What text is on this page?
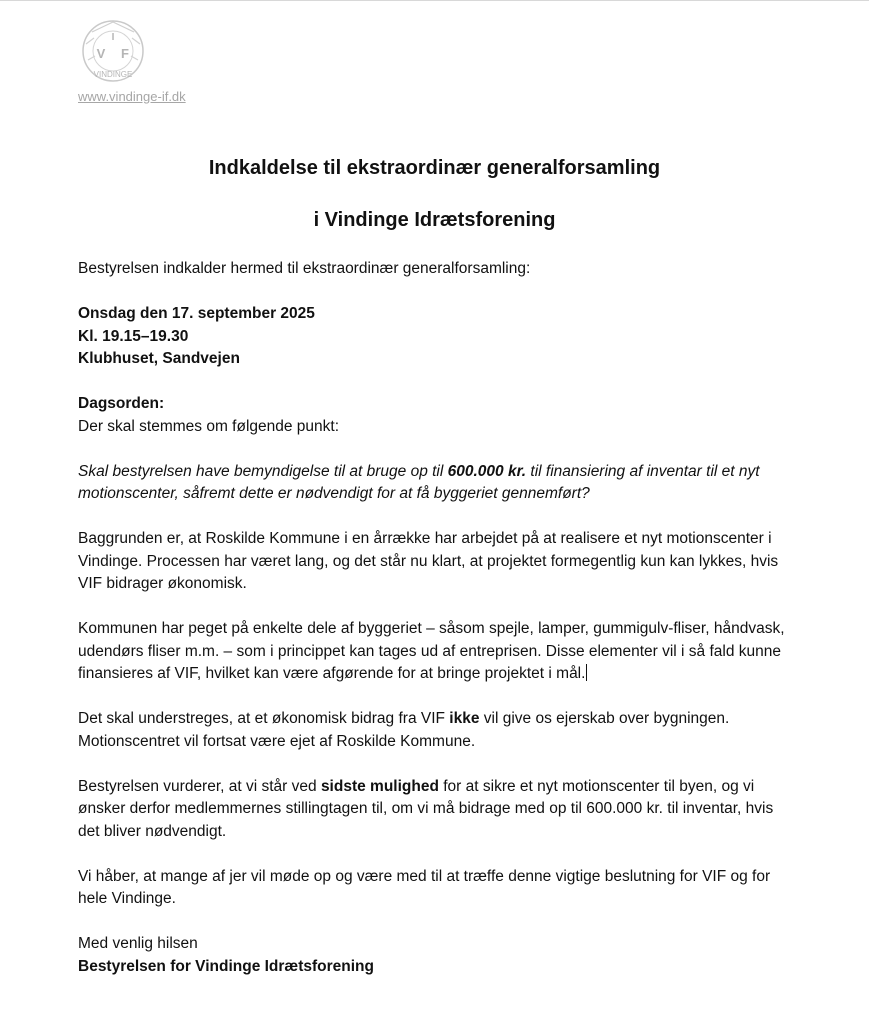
I
V F
VINDINGE
www.vindinge-if.dk
Indkaldelse til ekstraordinær generalforsamling
i Vindinge Idrætsforening

Bestyrelsen indkalder hermed til ekstraordinær generalforsamling:

Onsdag den 17. september 2025
Kl. 19.15–19.30
Klubhuset, Sandvejen

Dagsorden:
Der skal stemmes om følgende punkt:

Skal bestyrelsen have bemyndigelse til at bruge op til 600.000 kr. til finansiering af inventar til et nyt motionscenter, såfremt dette er nødvendigt for at få byggeriet gennemført?

Baggrunden er, at Roskilde Kommune i en årrække har arbejdet på at realisere et nyt motionscenter i Vindinge. Processen har været lang, og det står nu klart, at projektet formegentlig kun kan lykkes, hvis VIF bidrager økonomisk.

Kommunen har peget på enkelte dele af byggeriet – såsom spejle, lamper, gummigulv-fliser, håndvask, udendørs fliser m.m. – som i princippet kan tages ud af entreprisen. Disse elementer vil i så fald kunne finansieres af VIF, hvilket kan være afgørende for at bringe projektet i mål.

Det skal understreges, at et økonomisk bidrag fra VIF ikke vil give os ejerskab over bygningen. Motionscentret vil fortsat være ejet af Roskilde Kommune.

Bestyrelsen vurderer, at vi står ved sidste mulighed for at sikre et nyt motionscenter til byen, og vi ønsker derfor medlemmernes stillingtagen til, om vi må bidrage med op til 600.000 kr. til inventar, hvis det bliver nødvendigt.

Vi håber, at mange af jer vil møde op og være med til at træffe denne vigtige beslutning for VIF og for hele Vindinge.

Med venlig hilsen
Bestyrelsen for Vindinge Idrætsforening
